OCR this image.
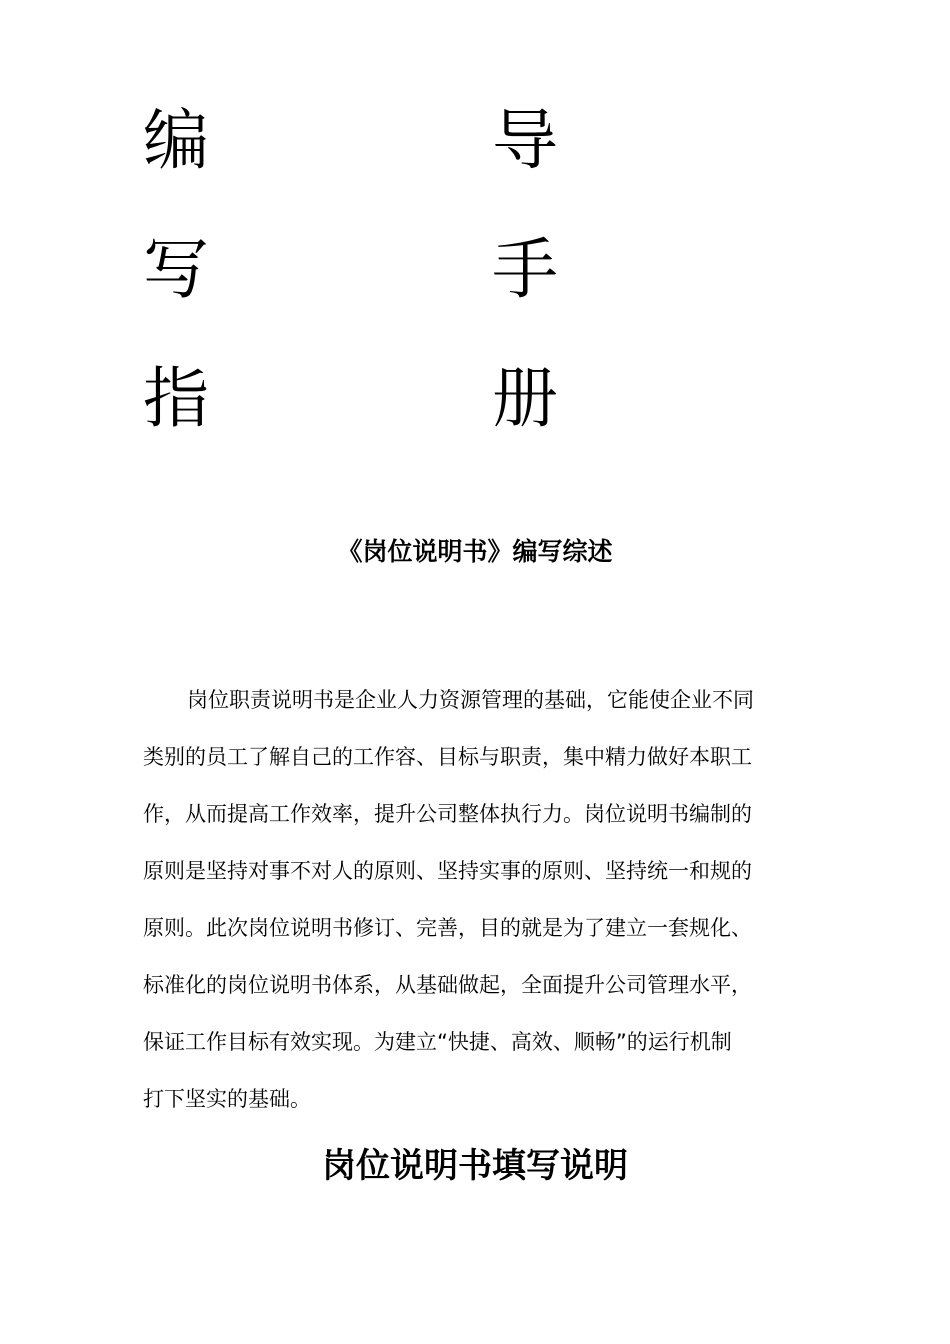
编
写
指
导
手
册
《岗位说明书》编写综述
岗位职责说明书是企业人力资源管理的基础，它能使企业不同
类别的员工了解自己的工作容、目标与职责，集中精力做好本职工
作，从而提高工作效率，提升公司整体执行力。岗位说明书编制的
原则是坚持对事不对人的原则、坚持实事的原则、坚持统一和规的
原则。此次岗位说明书修订、完善，目的就是为了建立一套规化、
标准化的岗位说明书体系，从基础做起，全面提升公司管理水平，
保证工作目标有效实现。为建立“快捷、高效、顺畅”的运行机制
打下坚实的基础。
岗位说明书填写说明
